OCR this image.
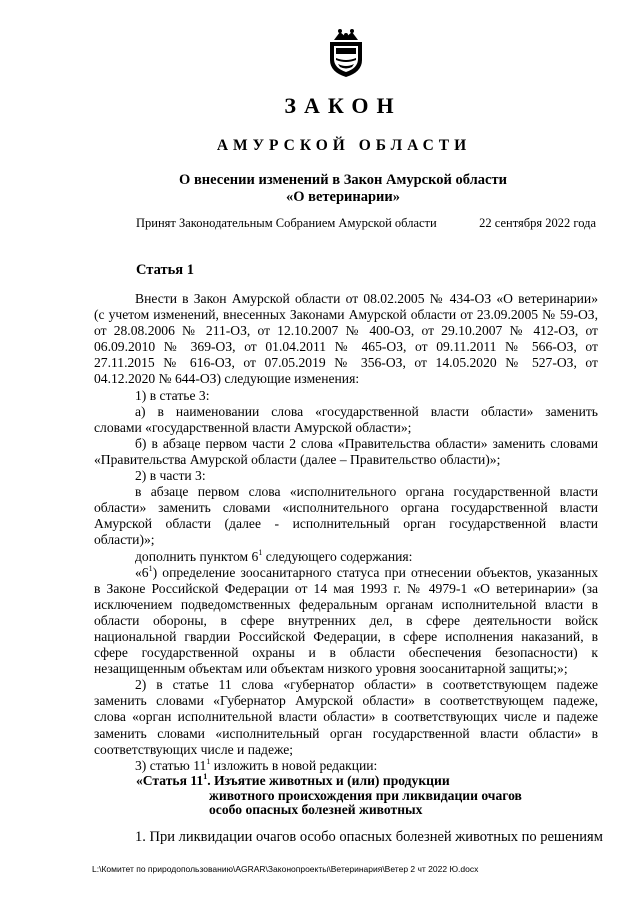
ЗАКОН
АМУРСКОЙ ОБЛАСТИ
О внесении изменений в Закон Амурской области
«О ветеринарии»
Принят Законодательным Собранием Амурской области	22 сентября 2022 года
Статья 1

Внести в Закон Амурской области от 08.02.2005 № 434-ОЗ «О ветеринарии»

(с учетом изменений, внесенных Законами Амурской области от 23.09.2005 № 59-ОЗ,

от 28.08.2006 № 211-ОЗ, от 12.10.2007 № 400-ОЗ, от 29.10.2007 № 412-ОЗ, от

06.09.2010 № 369-ОЗ, от 01.04.2011 № 465-ОЗ, от 09.11.2011 № 566-ОЗ, от

27.11.2015 № 616-ОЗ, от 07.05.2019 № 356-ОЗ, от 14.05.2020 № 527-ОЗ, от

04.12.2020 № 644-ОЗ) следующие изменения:

1) в статье 3:

а) в наименовании слова «государственной власти области» заменить

словами «государственной власти Амурской области»;

б) в абзаце первом части 2 слова «Правительства области» заменить словами

«Правительства Амурской области (далее – Правительство области)»;

2) в части 3:

в абзаце первом слова «исполнительного органа государственной власти

области» заменить словами «исполнительного органа государственной власти

Амурской области (далее - исполнительный орган государственной власти

области)»;

дополнить пунктом $6^1$ следующего содержания:

«$6^1$) определение зоосанитарного статуса при отнесении объектов, указанных

в Законе Российской Федерации от 14 мая 1993 г. № 4979-1 «О ветеринарии» (за

исключением подведомственных федеральным органам исполнительной власти в

области обороны, в сфере внутренних дел, в сфере деятельности войск

национальной гвардии Российской Федерации, в сфере исполнения наказаний, в

сфере государственной охраны и в области обеспечения безопасности) к

незащищенным объектам или объектам низкого уровня зоосанитарной защиты;»;

2) в статье 11 слова «губернатор области» в соответствующем падеже

заменить словами «Губернатор Амурской области» в соответствующем падеже,

слова «орган исполнительной власти области» в соответствующих числе и падеже

заменить словами «исполнительный орган государственной власти области» в

соответствующих числе и падеже;

3) статью $11^1$ изложить в новой редакции:

«Статья $11^1$. Изъятие животных и (или) продукции
животного происхождения при ликвидации очагов
особо опасных болезней животных
1. При ликвидации очагов особо опасных болезней животных по решениям
L:\Комитет по природопользованию\AGRAR\Законопроекты\Ветеринария\Ветер 2 чт 2022 Ю.docx
